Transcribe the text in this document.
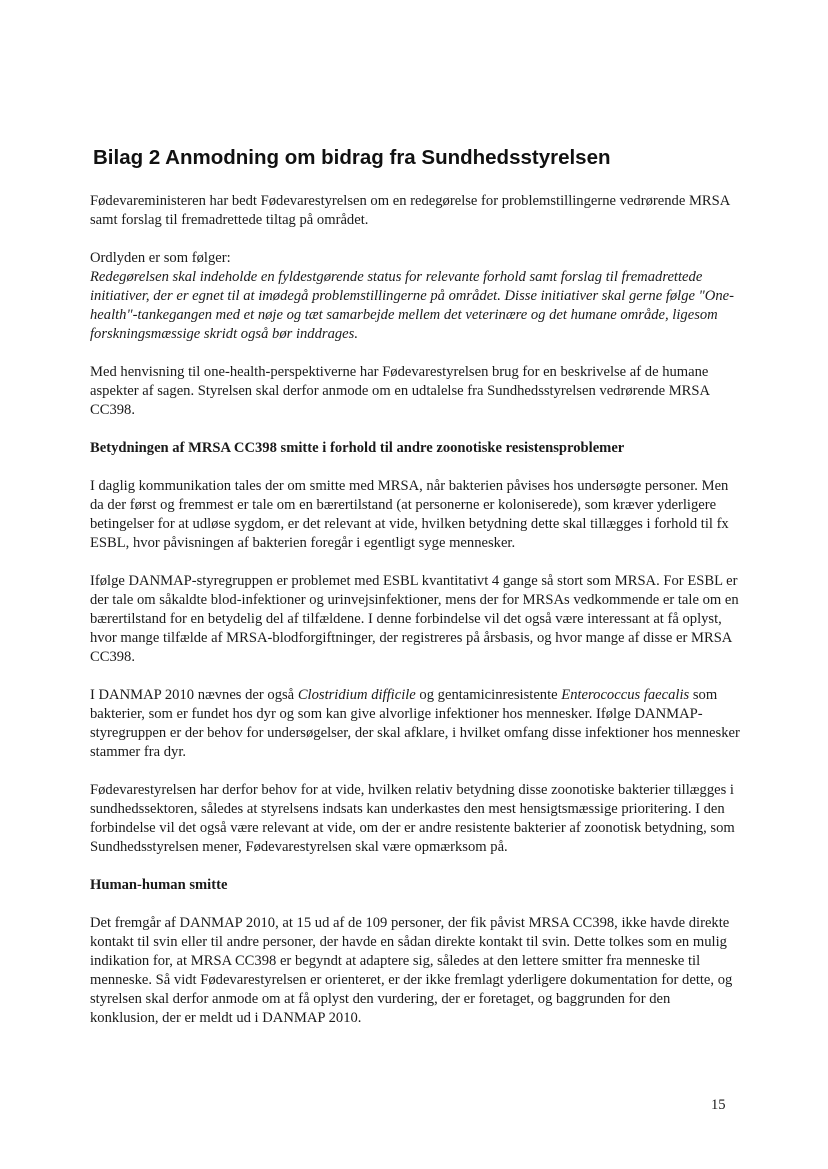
Bilag 2 Anmodning om bidrag fra Sundhedsstyrelsen

Fødevareministeren har bedt Fødevarestyrelsen om en redegørelse for problemstillingerne vedrørende MRSA samt forslag til fremadrettede tiltag på området.

Ordlyden er som følger:

Redegørelsen skal indeholde en fyldestgørende status for relevante forhold samt forslag til fremadrettede initiativer, der er egnet til at imødegå problemstillingerne på området. Disse initiativer skal gerne følge "One-health"-tankegangen med et nøje og tæt samarbejde mellem det veterinære og det humane område, ligesom forskningsmæssige skridt også bør inddrages.

Med henvisning til one-health-perspektiverne har Fødevarestyrelsen brug for en beskrivelse af de humane aspekter af sagen. Styrelsen skal derfor anmode om en udtalelse fra Sundhedsstyrelsen vedrørende MRSA CC398.

Betydningen af MRSA CC398 smitte i forhold til andre zoonotiske resistensproblemer

I daglig kommunikation tales der om smitte med MRSA, når bakterien påvises hos undersøgte personer. Men da der først og fremmest er tale om en bærertilstand (at personerne er koloniserede), som kræver yderligere betingelser for at udløse sygdom, er det relevant at vide, hvilken betydning dette skal tillægges i forhold til fx ESBL, hvor påvisningen af bakterien foregår i egentligt syge mennesker.

Ifølge DANMAP-styregruppen er problemet med ESBL kvantitativt 4 gange så stort som MRSA. For ESBL er der tale om såkaldte blod-infektioner og urinvejsinfektioner, mens der for MRSAs vedkommende er tale om en bærertilstand for en betydelig del af tilfældene. I denne forbindelse vil det også være interessant at få oplyst, hvor mange tilfælde af MRSA-blodforgiftninger, der registreres på årsbasis, og hvor mange af disse er MRSA CC398.

I DANMAP 2010 nævnes der også Clostridium difficile og gentamicinresistente Enterococcus faecalis som bakterier, som er fundet hos dyr og som kan give alvorlige infektioner hos mennesker. Ifølge DANMAP-styregruppen er der behov for undersøgelser, der skal afklare, i hvilket omfang disse infektioner hos mennesker stammer fra dyr.

Fødevarestyrelsen har derfor behov for at vide, hvilken relativ betydning disse zoonotiske bakterier tillægges i sundhedssektoren, således at styrelsens indsats kan underkastes den mest hensigtsmæssige prioritering. I den forbindelse vil det også være relevant at vide, om der er andre resistente bakterier af zoonotisk betydning, som Sundhedsstyrelsen mener, Fødevarestyrelsen skal være opmærksom på.

Human-human smitte

Det fremgår af DANMAP 2010, at 15 ud af de 109 personer, der fik påvist MRSA CC398, ikke havde direkte kontakt til svin eller til andre personer, der havde en sådan direkte kontakt til svin. Dette tolkes som en mulig indikation for, at MRSA CC398 er begyndt at adaptere sig, således at den lettere smitter fra menneske til menneske. Så vidt Fødevarestyrelsen er orienteret, er der ikke fremlagt yderligere dokumentation for dette, og styrelsen skal derfor anmode om at få oplyst den vurdering, der er foretaget, og baggrunden for den konklusion, der er meldt ud i DANMAP 2010.

15
